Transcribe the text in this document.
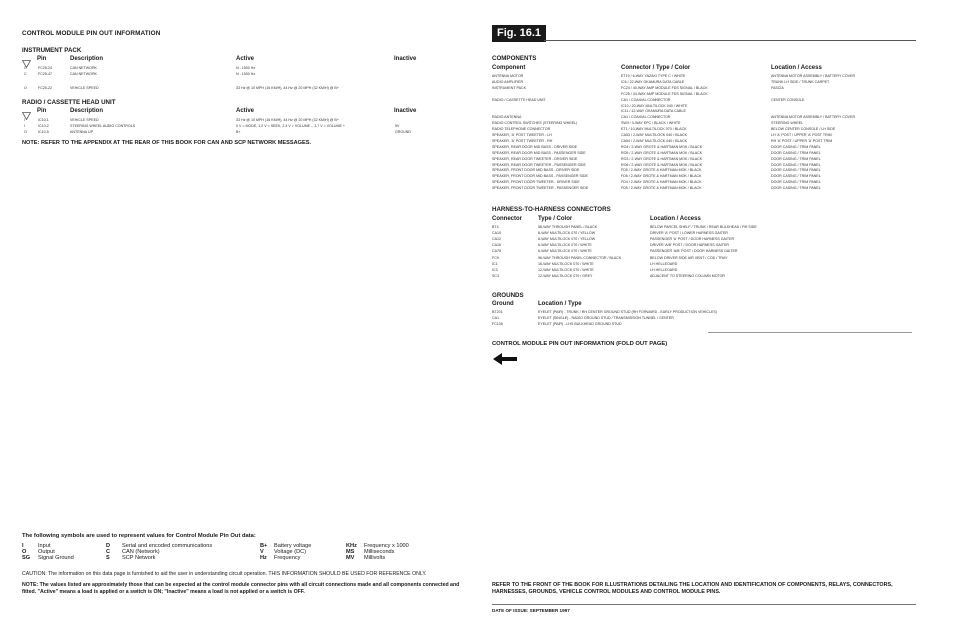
CONTROL MODULE PIN OUT INFORMATION
INSTRUMENT PACK
Pin	Description	Active	Inactive
C	FC25-24	CAN NETWORK	N - 1500 Hz
C	FC25-47	CAN NETWORK	N - 1500 Hz
O	FC25-22	VEHICLE SPEED	33 Hz @ 10 MPH (16 KM/H), 44 Hz @ 20 MPH (32 KM/H) @ B+
RADIO / CASSETTE HEAD UNIT
Pin	Description	Active	Inactive
I	IC10-1	VEHICLE SPEED	33 Hz @ 10 MPH (16 KM/H), 44 Hz @ 20 MPH (32 KM/H) @ B+
I	IC10-2	STEERING WHEEL AUDIO CONTROLS	0 V = MODE, 1.2 V = SEEK, 2.4 V = VOLUME -, 3.7 V = VOLUME +	5V
O	IC10-5	ANTENNA UP	B+	GROUND
NOTE: REFER TO THE APPENDIX AT THE REAR OF THIS BOOK FOR CAN AND SCP NETWORK MESSAGES.
The following symbols are used to represent values for Control Module Pin Out data:
I	Input	D	Serial and encoded communications	B+	Battery voltage	KHz	Frequency x 1000
O	Output	C	CAN (Network)	V	Voltage (DC)	MS	Milliseconds
SG	Signal Ground	S	SCP Network	Hz	Frequency	MV	Millivolts
CAUTION: The information on this data page is furnished to aid the user in understanding circuit operation. THIS INFORMATION SHOULD BE USED FOR REFERENCE ONLY.
NOTE: The values listed are approximately those that can be expected at the control module connector pins with all circuit connections made and all components connected and fitted. "Active" means a load is applied or a switch is ON; "Inactive" means a load is not applied or a switch is OFF.
Fig. 16.1
COMPONENTS
Component	Connector / Type / Color	Location / Access
ANTENNA MOTOR	ET19 / 6-WAY YAZAKI TYPE C / WHITE	ANTENNA MOTOR ASSEMBLY / BATTERY COVER
AUDIO AMPLIFIER	IC6 / 22-WAY OKAMURA DATA CABLE	TRUNK LH SIDE / TRUNK CARPET
INSTRUMENT PACK	FC24 / 40-WAY AMP MODULE FDS SIGNAL / BLACK	FASCIA
FC25 / 34-WAY AMP MODULE FDS SIGNAL / BLACK
RADIO / CASSETTE HEAD UNIT	CA1 / COAXIAL CONNECTOR	CENTER CONSOLE
IC10 / 20-WAY MULTILOCK 040 / WHITE
IC11 / 12-WAY OKAMURA DATA CABLE
RADIO ANTENNA	CA1 / COAXIAL CONNECTOR	ANTENNA MOTOR ASSEMBLY / BATTERY COVER
RADIO CONTROL SWITCHES (STEERING WHEEL)	SW4 / 3-WAY EPC / BLACK / WHITE	STEERING WHEEL
RADIO TELEPHONE CONNECTOR	ET1 / 10-WAY MULTILOCK 070 / BLACK	BELOW CENTER CONSOLE / LH SIDE
SPEAKER, 'A' POST TWEETER - LH	CA53 / 2-WAY MULTILOCK 040 / BLACK	LH 'A' POST / UPPER 'A' POST TRIM
SPEAKER, 'A' POST TWEETER - RH	CA54 / 2-WAY MULTILOCK 040 / BLACK	RH 'A' POST / UPPER 'A' POST TRIM
SPEAKER, REAR DOOR MID BASS - DRIVER SIDE	RO4 / 2-WAY GROTE & HARTMAN MOK / BLACK	DOOR CASING / TRIM PANEL
SPEAKER, REAR DOOR MID BASS - PASSENGER SIDE	RO5 / 2-WAY GROTE & HARTMAN MOK / BLACK	DOOR CASING / TRIM PANEL
SPEAKER, REAR DOOR TWEETER - DRIVER SIDE	RO3 / 2-WAY GROTE & HARTMAN MOK / BLACK	DOOR CASING / TRIM PANEL
SPEAKER, REAR DOOR TWEETER - PASSENGER SIDE	RO6 / 2-WAY GROTE & HARTMAN MOK / BLACK	DOOR CASING / TRIM PANEL
SPEAKER, FRONT DOOR MID BASS - DRIVER SIDE	FD5 / 2-WAY GROTE & HARTMAN MOK / BLACK	DOOR CASING / TRIM PANEL
SPEAKER, FRONT DOOR MID BASS - PASSENGER SIDE	FD6 / 2-WAY GROTE & HARTMAN MOK / BLACK	DOOR CASING / TRIM PANEL
SPEAKER, FRONT DOOR TWEETER - DRIVER SIDE	FD4 / 2-WAY GROTE & HARTMAN MOK / BLACK	DOOR CASING / TRIM PANEL
SPEAKER, FRONT DOOR TWEETER - PASSENGER SIDE	FD5 / 2-WAY GROTE & HARTMAN MOK / BLACK	DOOR CASING / TRIM PANEL
HARNESS-TO-HARNESS CONNECTORS
Connector	Type / Color	Location / Access
BT4	56-WAY THROUGH PANEL / BLACK	BELOW PARCEL SHELF / TRUNK / REAR BULKHEAD / RH SIDE
CA10	6-WAY MULTILOCK 070 / YELLOW	DRIVER 'A' POST / LOWER HARNESS GAITER
CA12	8-WAY MULTILOCK 070 / YELLOW	PASSENGER 'A' POST / DOOR HARNESS GAITER
CA16	6-WAY MULTILOCK 070 / WHITE	DRIVER 'A/B' POST / DOOR HARNESS GAITER
CA78	6-WAY MULTILOCK 070 / WHITE	PASSENGER 'A/B' POST / DOOR HARNESS GAITER
FC9	96-WAY THROUGH PANEL CONNECTOR / BLACK	BELOW DRIVER SIDE AIR VENT / COD / TRAY
IC1	16-WAY MULTILOCK 070 / WHITE	LH HELLEOARD
IC3	12-WAY MULTILOCK 070 / WHITE	LH HELLEOARD
SC3	12-WAY MULTILOCK 070 / GREY	ADJACENT TO STEERING COLUMN MOTOR
GROUNDS
Ground	Location / Type
BT201	EYELET (PAIR) - TRUNK / RH CENTER GROUND STUD (RH FORWARD - EARLY PRODUCTION VEHICLES)
CA1	EYELET (SINGLE) - RADIO GROUND STUD / TRANSMISSION TUNNEL / CENTER
FC105	EYELET (PAIR) - LHS BULKHEAD GROUND STUD
CONTROL MODULE PIN OUT INFORMATION (FOLD OUT PAGE)
REFER TO THE FRONT OF THE BOOK FOR ILLUSTRATIONS DETAILING THE LOCATION AND IDENTIFICATION OF COMPONENTS, RELAYS, CONNECTORS, HARNESSES, GROUNDS, VEHICLE CONTROL MODULES AND CONTROL MODULE PINS.
DATE OF ISSUE: SEPTEMBER 1997
